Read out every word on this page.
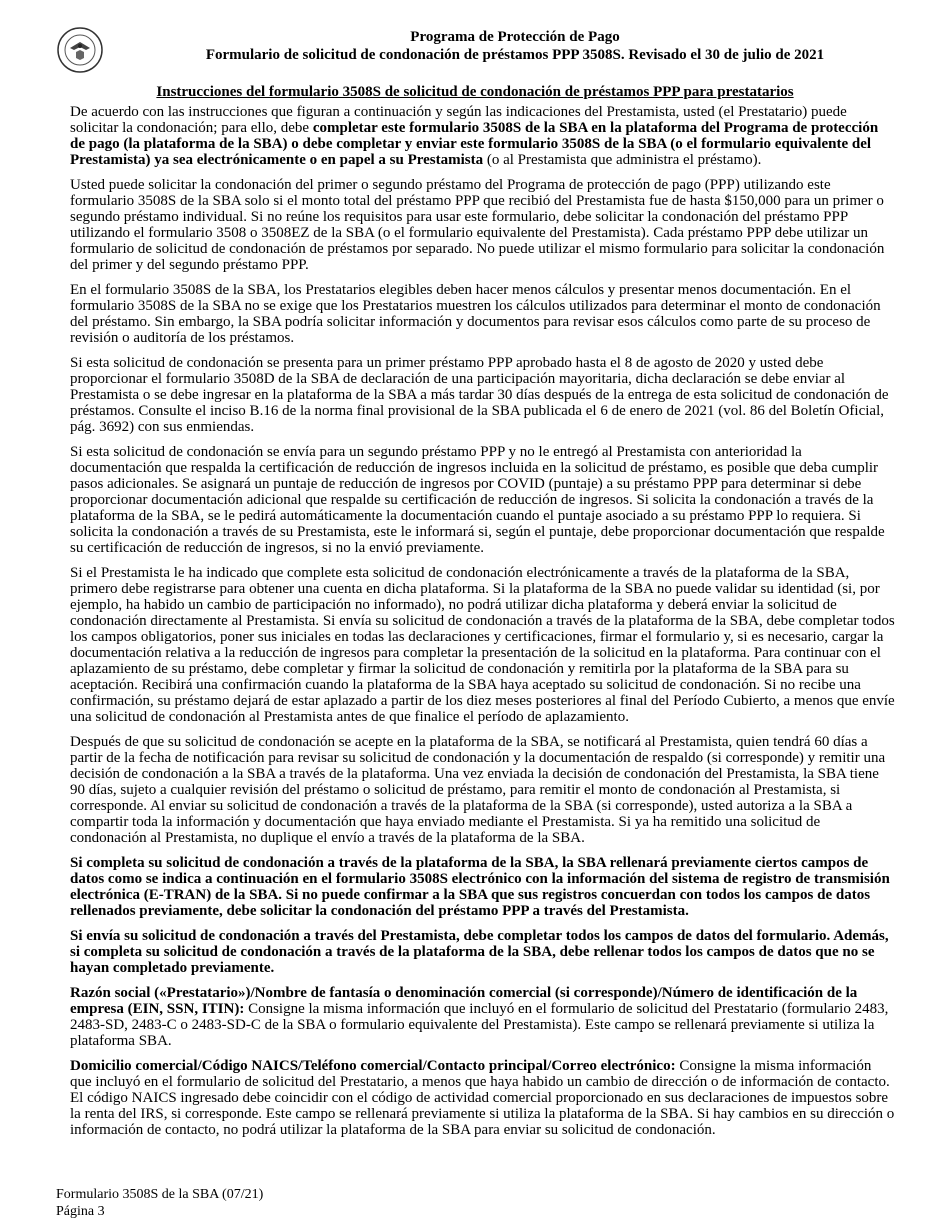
Programa de Protección de Pago
Formulario de solicitud de condonación de préstamos PPP 3508S. Revisado el 30 de julio de 2021
Instrucciones del formulario 3508S de solicitud de condonación de préstamos PPP para prestatarios

De acuerdo con las instrucciones que figuran a continuación y según las indicaciones del Prestamista, usted (el Prestatario) puede solicitar la condonación; para ello, debe completar este formulario 3508S de la SBA en la plataforma del Programa de protección de pago (la plataforma de la SBA) o debe completar y enviar este formulario 3508S de la SBA (o el formulario equivalente del Prestamista) ya sea electrónicamente o en papel a su Prestamista (o al Prestamista que administra el préstamo).

Usted puede solicitar la condonación del primer o segundo préstamo del Programa de protección de pago (PPP) utilizando este formulario 3508S de la SBA solo si el monto total del préstamo PPP que recibió del Prestamista fue de hasta $150,000 para un primer o segundo préstamo individual. Si no reúne los requisitos para usar este formulario, debe solicitar la condonación del préstamo PPP utilizando el formulario 3508 o 3508EZ de la SBA (o el formulario equivalente del Prestamista). Cada préstamo PPP debe utilizar un formulario de solicitud de condonación de préstamos por separado. No puede utilizar el mismo formulario para solicitar la condonación del primer y del segundo préstamo PPP.

En el formulario 3508S de la SBA, los Prestatarios elegibles deben hacer menos cálculos y presentar menos documentación. En el formulario 3508S de la SBA no se exige que los Prestatarios muestren los cálculos utilizados para determinar el monto de condonación del préstamo. Sin embargo, la SBA podría solicitar información y documentos para revisar esos cálculos como parte de su proceso de revisión o auditoría de los préstamos.

Si esta solicitud de condonación se presenta para un primer préstamo PPP aprobado hasta el 8 de agosto de 2020 y usted debe proporcionar el formulario 3508D de la SBA de declaración de una participación mayoritaria, dicha declaración se debe enviar al Prestamista o se debe ingresar en la plataforma de la SBA a más tardar 30 días después de la entrega de esta solicitud de condonación de préstamos. Consulte el inciso B.16 de la norma final provisional de la SBA publicada el 6 de enero de 2021 (vol. 86 del Boletín Oficial, pág. 3692) con sus enmiendas.

Si esta solicitud de condonación se envía para un segundo préstamo PPP y no le entregó al Prestamista con anterioridad la documentación que respalda la certificación de reducción de ingresos incluida en la solicitud de préstamo, es posible que deba cumplir pasos adicionales. Se asignará un puntaje de reducción de ingresos por COVID (puntaje) a su préstamo PPP para determinar si debe proporcionar documentación adicional que respalde su certificación de reducción de ingresos. Si solicita la condonación a través de la plataforma de la SBA, se le pedirá automáticamente la documentación cuando el puntaje asociado a su préstamo PPP lo requiera. Si solicita la condonación a través de su Prestamista, este le informará si, según el puntaje, debe proporcionar documentación que respalde su certificación de reducción de ingresos, si no la envió previamente.

Si el Prestamista le ha indicado que complete esta solicitud de condonación electrónicamente a través de la plataforma de la SBA, primero debe registrarse para obtener una cuenta en dicha plataforma. Si la plataforma de la SBA no puede validar su identidad (si, por ejemplo, ha habido un cambio de participación no informado), no podrá utilizar dicha plataforma y deberá enviar la solicitud de condonación directamente al Prestamista. Si envía su solicitud de condonación a través de la plataforma de la SBA, debe completar todos los campos obligatorios, poner sus iniciales en todas las declaraciones y certificaciones, firmar el formulario y, si es necesario, cargar la documentación relativa a la reducción de ingresos para completar la presentación de la solicitud en la plataforma. Para continuar con el aplazamiento de su préstamo, debe completar y firmar la solicitud de condonación y remitirla por la plataforma de la SBA para su aceptación. Recibirá una confirmación cuando la plataforma de la SBA haya aceptado su solicitud de condonación. Si no recibe una confirmación, su préstamo dejará de estar aplazado a partir de los diez meses posteriores al final del Período Cubierto, a menos que envíe una solicitud de condonación al Prestamista antes de que finalice el período de aplazamiento.

Después de que su solicitud de condonación se acepte en la plataforma de la SBA, se notificará al Prestamista, quien tendrá 60 días a partir de la fecha de notificación para revisar su solicitud de condonación y la documentación de respaldo (si corresponde) y remitir una decisión de condonación a la SBA a través de la plataforma. Una vez enviada la decisión de condonación del Prestamista, la SBA tiene 90 días, sujeto a cualquier revisión del préstamo o solicitud de préstamo, para remitir el monto de condonación al Prestamista, si corresponde. Al enviar su solicitud de condonación a través de la plataforma de la SBA (si corresponde), usted autoriza a la SBA a compartir toda la información y documentación que haya enviado mediante el Prestamista. Si ya ha remitido una solicitud de condonación al Prestamista, no duplique el envío a través de la plataforma de la SBA.

Si completa su solicitud de condonación a través de la plataforma de la SBA, la SBA rellenará previamente ciertos campos de datos como se indica a continuación en el formulario 3508S electrónico con la información del sistema de registro de transmisión electrónica (E-TRAN) de la SBA. Si no puede confirmar a la SBA que sus registros concuerdan con todos los campos de datos rellenados previamente, debe solicitar la condonación del préstamo PPP a través del Prestamista.

Si envía su solicitud de condonación a través del Prestamista, debe completar todos los campos de datos del formulario. Además, si completa su solicitud de condonación a través de la plataforma de la SBA, debe rellenar todos los campos de datos que no se hayan completado previamente.

Razón social («Prestatario»)/Nombre de fantasía o denominación comercial (si corresponde)/Número de identificación de la empresa (EIN, SSN, ITIN): Consigne la misma información que incluyó en el formulario de solicitud del Prestatario (formulario 2483, 2483-SD, 2483-C o 2483-SD-C de la SBA o formulario equivalente del Prestamista). Este campo se rellenará previamente si utiliza la plataforma SBA.

Domicilio comercial/Código NAICS/Teléfono comercial/Contacto principal/Correo electrónico: Consigne la misma información que incluyó en el formulario de solicitud del Prestatario, a menos que haya habido un cambio de dirección o de información de contacto. El código NAICS ingresado debe coincidir con el código de actividad comercial proporcionado en sus declaraciones de impuestos sobre la renta del IRS, si corresponde. Este campo se rellenará previamente si utiliza la plataforma de la SBA. Si hay cambios en su dirección o información de contacto, no podrá utilizar la plataforma de la SBA para enviar su solicitud de condonación.

Formulario 3508S de la SBA (07/21)
Página 3
